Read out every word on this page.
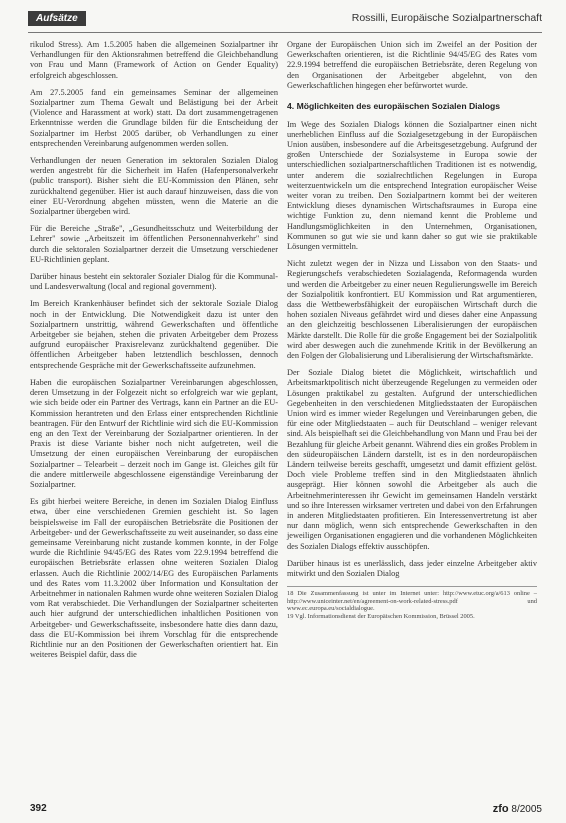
Aufsätze	Rossilli, Europäische Sozialpartnerschaft

rikulod Stress). Am 1.5.2005 haben die allgemeinen Sozialpartner ihr Verhandlungen für den Aktionsrahmen betreffend die Gleichbehandlung von Frau und Mann (Framework of Action on Gender Equality) erfolgreich abgeschlossen.

Am 27.5.2005 fand ein gemeinsames Seminar der allgemeinen Sozialpartner zum Thema Gewalt und Belästigung bei der Arbeit (Violence and Harassment at work) statt. Da dort zusammengetragenen Erkenntnisse werden die Grundlage bilden für die Entscheidung der Sozialpartner im Herbst 2005 darüber, ob Verhandlungen zu einer entsprechenden Vereinbarung aufgenommen werden sollen.

Verhandlungen der neuen Generation im sektoralen Sozialen Dialog werden angestrebt für die Sicherheit im Hafen (Hafenpersonalverkehr (public transport). Bisher sieht die EU-Kommission den Plänen, sehr zurückhaltend gegenüber. Hier ist auch darauf hinzuweisen, dass die von einer EU-Verordnung abgehen müssten, wenn die Materie an die Sozialpartner übergeben wird.

Für die Bereiche „Straße", „Gesundheitsschutz und Weiterbildung der Lehrer" sowie „Arbeitszeit im öffentlichen Personennahverkehr" sind durch die sektoralen Sozialpartner derzeit die Umsetzung verschiedener EU-Richtlinien geplant.

Darüber hinaus besteht ein sektoraler Sozialer Dialog für die Kommunal- und Landesverwaltung (local and regional government).

Im Bereich Krankenhäuser befindet sich der sektorale Soziale Dialog noch in der Entwicklung. Die Notwendigkeit dazu ist unter den Sozialpartnern unstrittig, während Gewerkschaften und öffentliche Arbeitgeber sie bejahen, stehen die privaten Arbeitgeber dem Prozess aufgrund europäischer Praxisrelevanz zurückhaltend gegenüber. Die öffentlichen Arbeitgeber haben letztendlich beschlossen, dennoch entsprechende Gespräche mit der Gewerkschaftsseite aufzunehmen.

Haben die europäischen Sozialpartner Vereinbarungen abgeschlossen, deren Umsetzung in der Folgezeit nicht so erfolgreich war wie geplant, wie sich beide oder ein Partner des Vertrags, kann ein Partner an die EU-Kommission herantreten und den Erlass einer entsprechenden Richtlinie beantragen. Für den Entwurf der Richtlinie wird sich die EU-Kommission eng an den Text der Vereinbarung der Sozialpartner orientieren. In der Praxis ist diese Variante bisher noch nicht aufgetreten, weil die Umsetzung der einen europäischen Vereinbarung der europäischen Sozialpartner – Telearbeit – derzeit noch im Gange ist. Gleiches gilt für die andere mittlerweile abgeschlossene eigenständige Vereinbarung der Sozialpartner.

Es gibt hierbei weitere Bereiche, in denen im Sozialen Dialog Einfluss etwa, über eine verschiedenen Gremien geschieht ist. So lagen beispielsweise im Fall der europäischen Betriebsräte die Positionen der Arbeitgeber- und der Gewerkschaftsseite zu weit auseinander, so dass eine gemeinsame Vereinbarung nicht zustande kommen konnte, in der Folge wurde die Richtlinie 94/45/EG des Rates vom 22.9.1994 betreffend die europäischen Betriebsräte erlassen ohne weiteren Sozialen Dialog erlassen. Auch die Richtlinie 2002/14/EG des Europäischen Parlaments und des Rates vom 11.3.2002 über Information und Konsultation der Arbeitnehmer in nationalen Rahmen wurde ohne weiteren Sozialen Dialog vom Rat verabschiedet. Die Verhandlungen der Sozialpartner scheiterten auch hier aufgrund der unterschiedlichen inhaltlichen Positionen von Arbeitgeber- und Gewerkschaftsseite, insbesondere hatte dies dann dazu, dass die EU-Kommission bei ihrem Vorschlag für die entsprechende Richtlinie nur an den Positionen der Gewerkschaften orientiert hat. Ein weiteres Beispiel dafür, dass die

Organe der Europäischen Union sich im Zweifel an der Position der Gewerkschaften orientieren, ist die Richtlinie 94/45/EG des Rates vom 22.9.1994 betreffend die europäischen Betriebsräte, deren Regelung von den Organisationen der Arbeitgeber abgelehnt, von den Gewerkschaftlichen hingegen eher befürwortet wurde.

4. Möglichkeiten des europäischen Sozialen Dialogs

Im Wege des Sozialen Dialogs können die Sozialpartner einen nicht unerheblichen Einfluss auf die Sozialgesetzgebung in der Europäischen Union ausüben, insbesondere auf die Arbeitsgesetzgebung. Aufgrund der großen Unterschiede der Sozialsysteme in Europa sowie der unterschiedlichen sozialpartnerschaftlichen Traditionen ist es notwendig, unter anderem die sozialrechtlichen Regelungen in Europa weiterzuentwickeln um die entsprechend Integration europäischer Weise weiter voran zu treiben. Den Sozialpartnern kommt bei der weiteren Entwicklung dieses dynamischen Wirtschaftsraumes in Europa eine wichtige Funktion zu, denn niemand kennt die Probleme und Handlungsmöglichkeiten in den Unternehmen, Organisationen, Kommunen so gut wie sie und kann daher so gut wie sie praktikable Lösungen vermitteln.

Nicht zuletzt wegen der in Nizza und Lissabon von den Staats- und Regierungschefs verabschiedeten Sozialagenda, Reformagenda wurden und werden die Arbeitgeber zu einer neuen Regulierungswelle im Bereich der Sozialpolitik konfrontiert. EU Kommission und Rat argumentieren, dass die Wettbewerbsfähigkeit der europäischen Wirtschaft durch die hohen sozialen Niveaus gefährdet wird und dieses daher eine Anpassung an den gleichzeitig beschlossenen Liberalisierungen der europäischen Märkte darstellt. Die Rolle für die große Engagement bei der Sozialpolitik wird aber deswegen auch die zunehmende Kritik in der Bevölkerung an den Folgen der Globalisierung und Liberalisierung der Wirtschaftsmärkte.

Der Soziale Dialog bietet die Möglichkeit, wirtschaftlich und Arbeitsmarktpolitisch nicht überzeugende Regelungen zu vermeiden oder Lösungen praktikabel zu gestalten. Aufgrund der unterschiedlichen Gegebenheiten in den verschiedenen Mitgliedsstaaten der Europäischen Union wird es immer wieder Regelungen und Vereinbarungen geben, die für eine oder Mitgliedstaaten – auch für Deutschland – weniger relevant sind. Als beispielhaft sei die Gleichbehandlung von Mann und Frau bei der Bezahlung für gleiche Arbeit genannt. Während dies ein großes Problem in den südeuropäischen Ländern darstellt, ist es in den nordeuropäischen Ländern teilweise bereits geschafft, umgesetzt und damit effizient gelöst. Doch viele Probleme treffen sind in den Mitgliedstaaten ähnlich ausgeprägt. Hier können sowohl die Arbeitgeber als auch die Arbeitnehmerinteressen ihr Gewicht im gemeinsamen Handeln verstärkt und so ihre Interessen wirksamer vertreten und dabei von den Erfahrungen in anderen Mitgliedstaaten profitieren. Ein Interessenvertretung ist aber nur dann möglich, wenn sich entsprechende Gewerkschaften in den jeweiligen Organisationen engagieren und die vorhandenen Möglichkeiten des Sozialen Dialogs effektiv ausschöpfen.

Darüber hinaus ist es unerlässlich, dass jeder einzelne Arbeitgeber aktiv mitwirkt und den Sozialen Dialog

18 Die Zusammenfassung ist unter im Internet unter: http://www.etuc.org/a/613 online – http://www.uniceinter.net/en/agreement-on-work-related-stress.pdf und www.ec.europa.eu/socialdialogue.
19 Vgl. Informationsdienst der Europäischen Kommission, Brüssel 2005.
392	zfo 8/2005
